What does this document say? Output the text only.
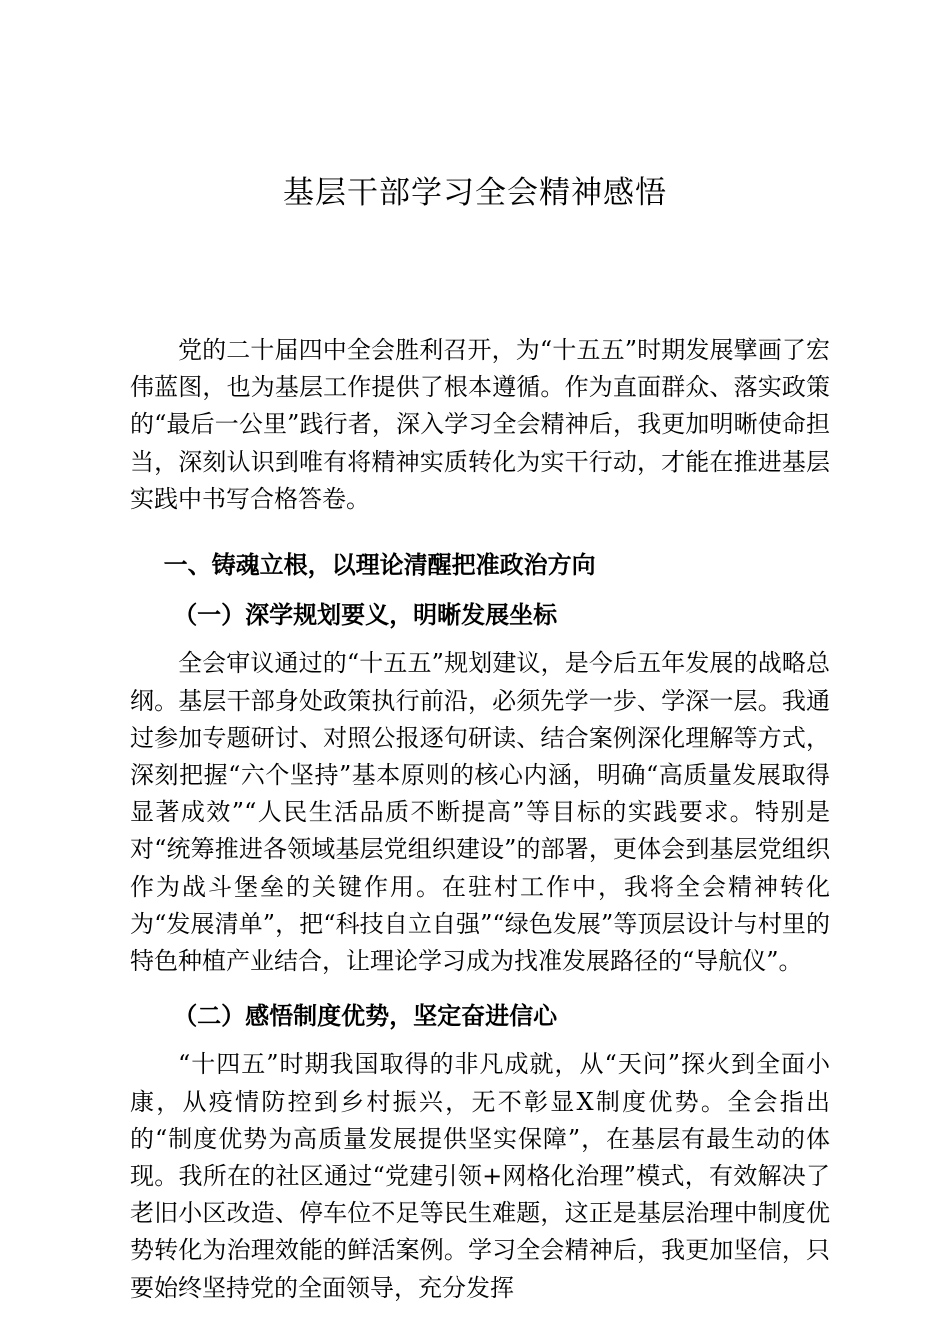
基层干部学习全会精神感悟

党的二十届四中全会胜利召开，为“十五五”时期发展擘画了宏伟蓝图，也为基层工作提供了根本遵循。作为直面群众、落实政策的“最后一公里”践行者，深入学习全会精神后，我更加明晰使命担当，深刻认识到唯有将精神实质转化为实干行动，才能在推进基层实践中书写合格答卷。

一、铸魂立根，以理论清醒把准政治方向

（一）深学规划要义，明晰发展坐标

全会审议通过的“十五五”规划建议，是今后五年发展的战略总纲。基层干部身处政策执行前沿，必须先学一步、学深一层。我通过参加专题研讨、对照公报逐句研读、结合案例深化理解等方式，深刻把握“六个坚持”基本原则的核心内涵，明确“高质量发展取得显著成效”“人民生活品质不断提高”等目标的实践要求。特别是对“统筹推进各领域基层党组织建设”的部署，更体会到基层党组织作为战斗堡垒的关键作用。在驻村工作中，我将全会精神转化为“发展清单”，把“科技自立自强”“绿色发展”等顶层设计与村里的特色种植产业结合，让理论学习成为找准发展路径的“导航仪”。

（二）感悟制度优势，坚定奋进信心

“十四五”时期我国取得的非凡成就，从“天问”探火到全面小康，从疫情防控到乡村振兴，无不彰显X制度优势。全会指出的“制度优势为高质量发展提供坚实保障”，在基层有最生动的体现。我所在的社区通过“党建引领+网格化治理”模式，有效解决了老旧小区改造、停车位不足等民生难题，这正是基层治理中制度优势转化为治理效能的鲜活案例。学习全会精神后，我更加坚信，只要始终坚持党的全面领导，充分发挥
